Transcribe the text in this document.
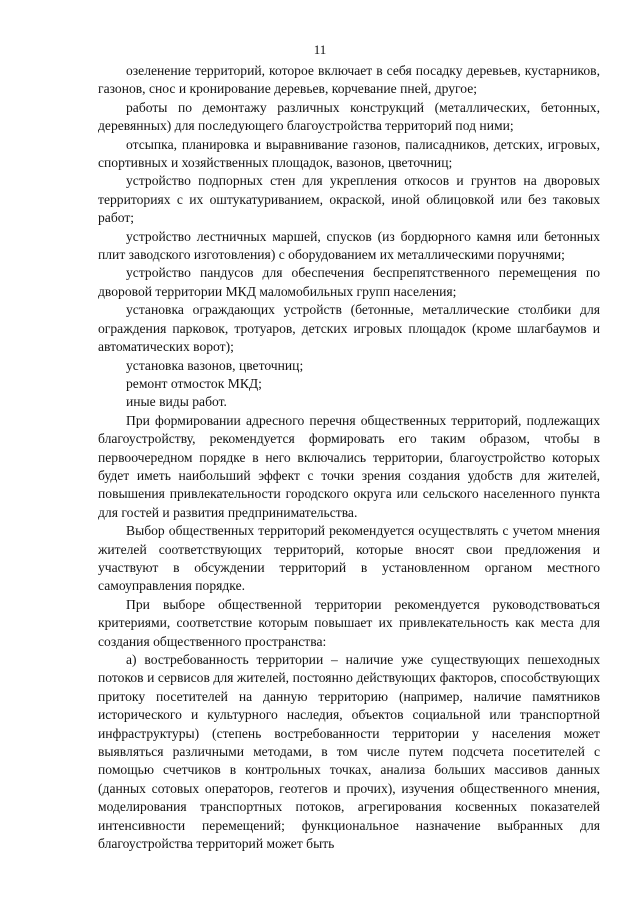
11

озеленение территорий, которое включает в себя посадку деревьев, кустарников, газонов, снос и кронирование деревьев, корчевание пней, другое;

работы по демонтажу различных конструкций (металлических, бетонных, деревянных) для последующего благоустройства территорий под ними;

отсыпка, планировка и выравнивание газонов, палисадников, детских, игровых, спортивных и хозяйственных площадок, вазонов, цветочниц;

устройство подпорных стен для укрепления откосов и грунтов на дворовых территориях с их оштукатуриванием, окраской, иной облицовкой или без таковых работ;

устройство лестничных маршей, спусков (из бордюрного камня или бетонных плит заводского изготовления) с оборудованием их металлическими поручнями;

устройство пандусов для обеспечения беспрепятственного перемещения по дворовой территории МКД маломобильных групп населения;

установка ограждающих устройств (бетонные, металлические столбики для ограждения парковок, тротуаров, детских игровых площадок (кроме шлагбаумов и автоматических ворот);

установка вазонов, цветочниц;

ремонт отмосток МКД;

иные виды работ.

При формировании адресного перечня общественных территорий, подлежащих благоустройству, рекомендуется формировать его таким образом, чтобы в первоочередном порядке в него включались территории, благоустройство которых будет иметь наибольший эффект с точки зрения создания удобств для жителей, повышения привлекательности городского округа или сельского населенного пункта для гостей и развития предпринимательства.

Выбор общественных территорий рекомендуется осуществлять с учетом мнения жителей соответствующих территорий, которые вносят свои предложения и участвуют в обсуждении территорий в установленном органом местного самоуправления порядке.

При выборе общественной территории рекомендуется руководствоваться критериями, соответствие которым повышает их привлекательность как места для создания общественного пространства:

а) востребованность территории – наличие уже существующих пешеходных потоков и сервисов для жителей, постоянно действующих факторов, способствующих притоку посетителей на данную территорию (например, наличие памятников исторического и культурного наследия, объектов социальной или транспортной инфраструктуры) (степень востребованности территории у населения может выявляться различными методами, в том числе путем подсчета посетителей с помощью счетчиков в контрольных точках, анализа больших массивов данных (данных сотовых операторов, геотегов и прочих), изучения общественного мнения, моделирования транспортных потоков, агрегирования косвенных показателей интенсивности перемещений; функциональное назначение выбранных для благоустройства территорий может быть
